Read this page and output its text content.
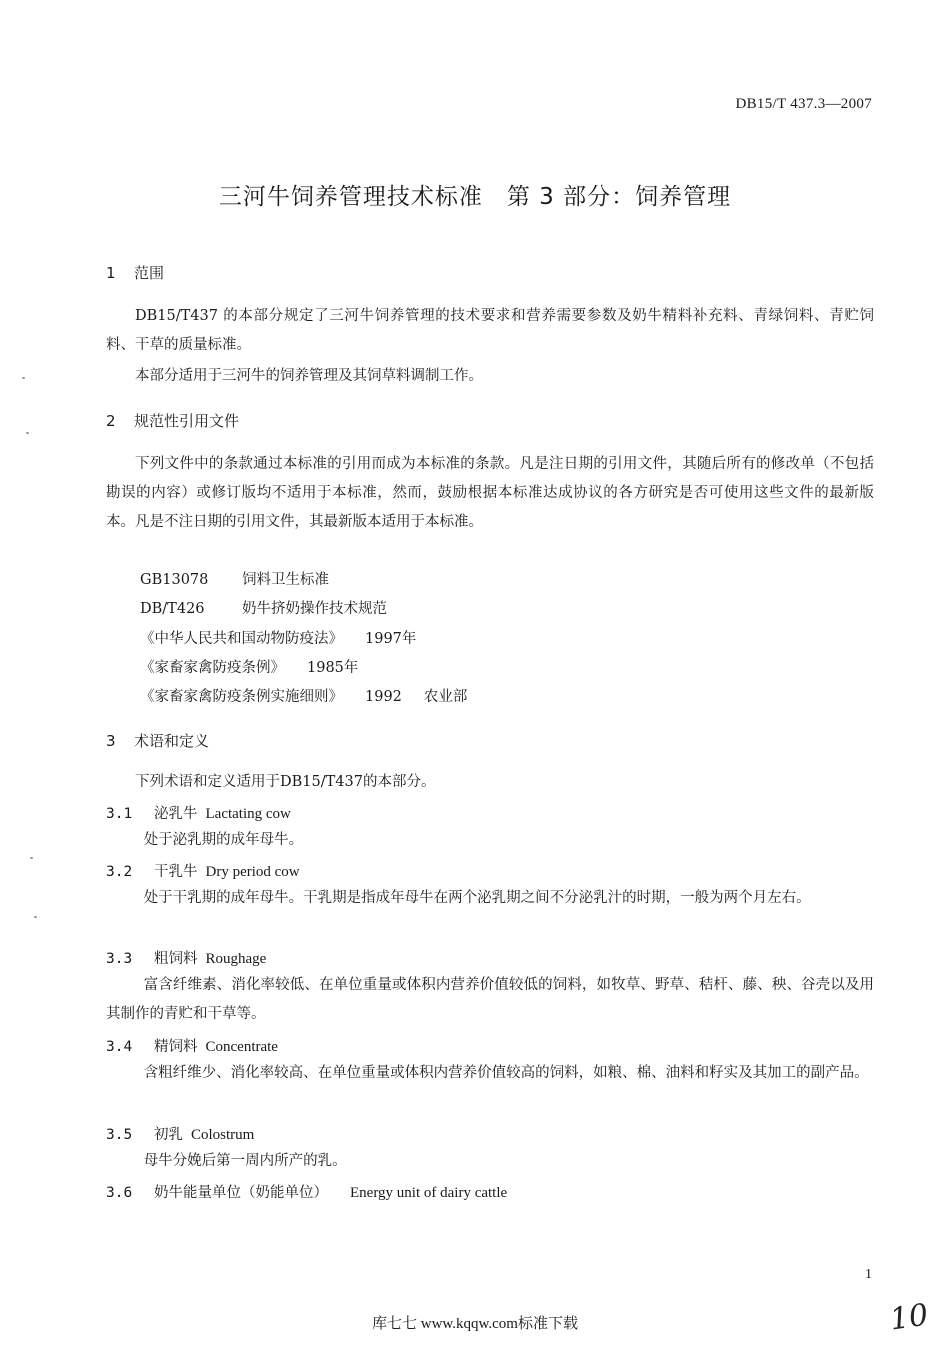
DB15/T 437.3—2007
三河牛饲养管理技术标准 第 3 部分：饲养管理
1 范围
DB15/T437 的本部分规定了三河牛饲养管理的技术要求和营养需要参数及奶牛精料补充料、青绿饲料、青贮饲料、干草的质量标准。
本部分适用于三河牛的饲养管理及其饲草料调制工作。
2 规范性引用文件
下列文件中的条款通过本标准的引用而成为本标准的条款。凡是注日期的引用文件，其随后所有的修改单（不包括勘误的内容）或修订版均不适用于本标准，然而，鼓励根据本标准达成协议的各方研究是否可使用这些文件的最新版本。凡是不注日期的引用文件，其最新版本适用于本标准。
GB13078 饲料卫生标准
DB/T426	奶牛挤奶操作技术规范
《中华人民共和国动物防疫法》 1997年
《家畜家禽防疫条例》 1985年
《家畜家禽防疫条例实施细则》 1992 农业部
3 术语和定义
下列术语和定义适用于DB15/T437的本部分。
3.1 泌乳牛 Lactating cow
处于泌乳期的成年母牛。
3.2 干乳牛 Dry period cow
处于干乳期的成年母牛。干乳期是指成年母牛在两个泌乳期之间不分泌乳汁的时期，一般为两个月左右。
3.3 粗饲料 Roughage
富含纤维素、消化率较低、在单位重量或体积内营养价值较低的饲料，如牧草、野草、秸杆、藤、秧、谷壳以及用其制作的青贮和干草等。
3.4 精饲料 Concentrate
含粗纤维少、消化率较高、在单位重量或体积内营养价值较高的饲料，如粮、棉、油料和籽实及其加工的副产品。
3.5 初乳 Colostrum
母牛分娩后第一周内所产的乳。
3.6 奶牛能量单位（奶能单位） Energy unit of dairy cattle
1
库七七 www.kqqw.com标准下载	10
